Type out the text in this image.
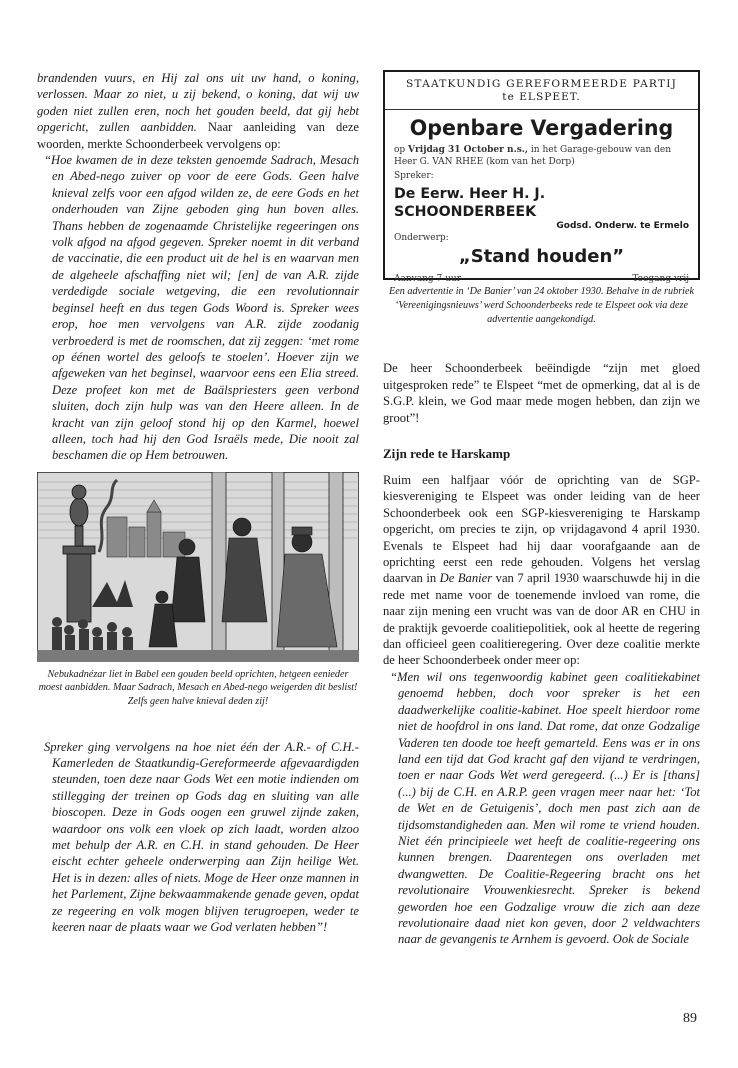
brandenden vuurs, en Hij zal ons uit uw hand, o koning, verlossen. Maar zo niet, u zij bekend, o koning, dat wij uw goden niet zullen eren, noch het gouden beeld, dat gij hebt opgericht, zullen aanbidden. Naar aanleiding van deze woorden, merkte Schoonderbeek vervolgens op:

“Hoe kwamen de in deze teksten genoemde Sadrach, Mesach en Abed-nego zuiver op voor de eere Gods. Geen halve knieval zelfs voor een afgod wilden ze, de eere Gods en het onderhouden van Zijne geboden ging hun boven alles. Thans hebben de zogenaamde Christelijke regeeringen ons volk afgod na afgod gegeven. Spreker noemt in dit verband de vaccinatie, die een product uit de hel is en waarvan men de algeheele afschaffing niet wil; [en] de van A.R. zijde verdedigde sociale wetgeving, die een revolutionnair beginsel heeft en dus tegen Gods Woord is. Spreker wees erop, hoe men vervolgens van A.R. zijde zoodanig verbroederd is met de roomschen, dat zij zeggen: ‘met rome op éénen wortel des geloofs te stoelen’. Hoever zijn we afgeweken van het beginsel, waarvoor eens een Elia streed. Deze profeet kon met de Baälspriesters geen verbond sluiten, doch zijn hulp was van den Heere alleen. In de kracht van zijn geloof stond hij op den Karmel, hoewel alleen, toch had hij den God Israëls mede, Die nooit zal beschamen die op Hem betrouwen.

Nebukadnézar liet in Babel een gouden beeld oprichten, hetgeen eenieder moest aanbidden. Maar Sadrach, Mesach en Abed-nego weigerden dit beslist! Zelfs geen halve knieval deden zij!

Spreker ging vervolgens na hoe niet één der A.R.- of C.H.-Kamerleden de Staatkundig-Gereformeerde afgevaardigden steunden, toen deze naar Gods Wet een motie indienden om stillegging der treinen op Gods dag en sluiting van alle bioscopen. Deze in Gods oogen een gruwel zijnde zaken, waardoor ons volk een vloek op zich laadt, worden alzoo met behulp der A.R. en C.H. in stand gehouden. De Heer eischt echter geheele onderwerping aan Zijn heilige Wet. Het is in dezen: alles of niets. Moge de Heer onze mannen in het Parlement, Zijne bekwaammakende genade geven, opdat ze regeering en volk mogen blijven terugroepen, weder te keeren naar de plaats waar we God verlaten hebben”!

STAATKUNDIG GEREFORMEERDE PARTIJ
te ELSPEET.
Openbare Vergadering
op Vrijdag 31 October n.s., in het Garage-gebouw van den Heer G. VAN RHEE (kom van het Dorp)
Spreker:
De Eerw. Heer H. J. SCHOONDERBEEK
Godsd. Onderw. te Ermelo
Onderwerp:
„Stand houden”
Aanvang 7 uur	Toegang vrij

Een advertentie in ‘De Banier’ van 24 oktober 1930. Behalve in de rubriek ‘Vereenigingsnieuws’ werd Schoonderbeeks rede te Elspeet ook via deze advertentie aangekondigd.

De heer Schoonderbeek beëindigde “zijn met gloed uitgesproken rede” te Elspeet “met de opmerking, dat al is de S.G.P. klein, we God maar mede mogen hebben, dan zijn we groot”!

Zijn rede te Harskamp

Ruim een halfjaar vóór de oprichting van de SGP-kiesvereniging te Elspeet was onder leiding van de heer Schoonderbeek ook een SGP-kiesvereniging te Harskamp opgericht, om precies te zijn, op vrijdagavond 4 april 1930. Evenals te Elspeet had hij daar voorafgaande aan de oprichting eerst een rede gehouden. Volgens het verslag daarvan in De Banier van 7 april 1930 waarschuwde hij in die rede met name voor de toenemende invloed van rome, die naar zijn mening een vrucht was van de door AR en CHU in de praktijk gevoerde coalitiepolitiek, ook al heette de regering dan officieel geen coalitieregering. Over deze coalitie merkte de heer Schoonderbeek onder meer op:

“Men wil ons tegenwoordig kabinet geen coalitiekabinet genoemd hebben, doch voor spreker is het een daadwerkelijke coalitie-kabinet. Hoe speelt hierdoor rome niet de hoofdrol in ons land. Dat rome, dat onze Godzalige Vaderen ten doode toe heeft gemarteld. Eens was er in ons land een tijd dat God kracht gaf den vijand te verdringen, toen er naar Gods Wet werd geregeerd. (...) Er is [thans] (...) bij de C.H. en A.R.P. geen vragen meer naar het: ‘Tot de Wet en de Getuigenis’, doch men past zich aan de tijdsomstandigheden aan. Men wil rome te vriend houden. Niet één principieele wet heeft de coalitie-regeering ons kunnen brengen. Daarentegen ons overladen met dwangwetten. De Coalitie-Regeering bracht ons het revolutionaire Vrouwenkiesrecht. Spreker is bekend geworden hoe een Godzalige vrouw die zich aan deze revolutionaire daad niet kon geven, door 2 veldwachters naar de gevangenis te Arnhem is gevoerd. Ook de Sociale

89
